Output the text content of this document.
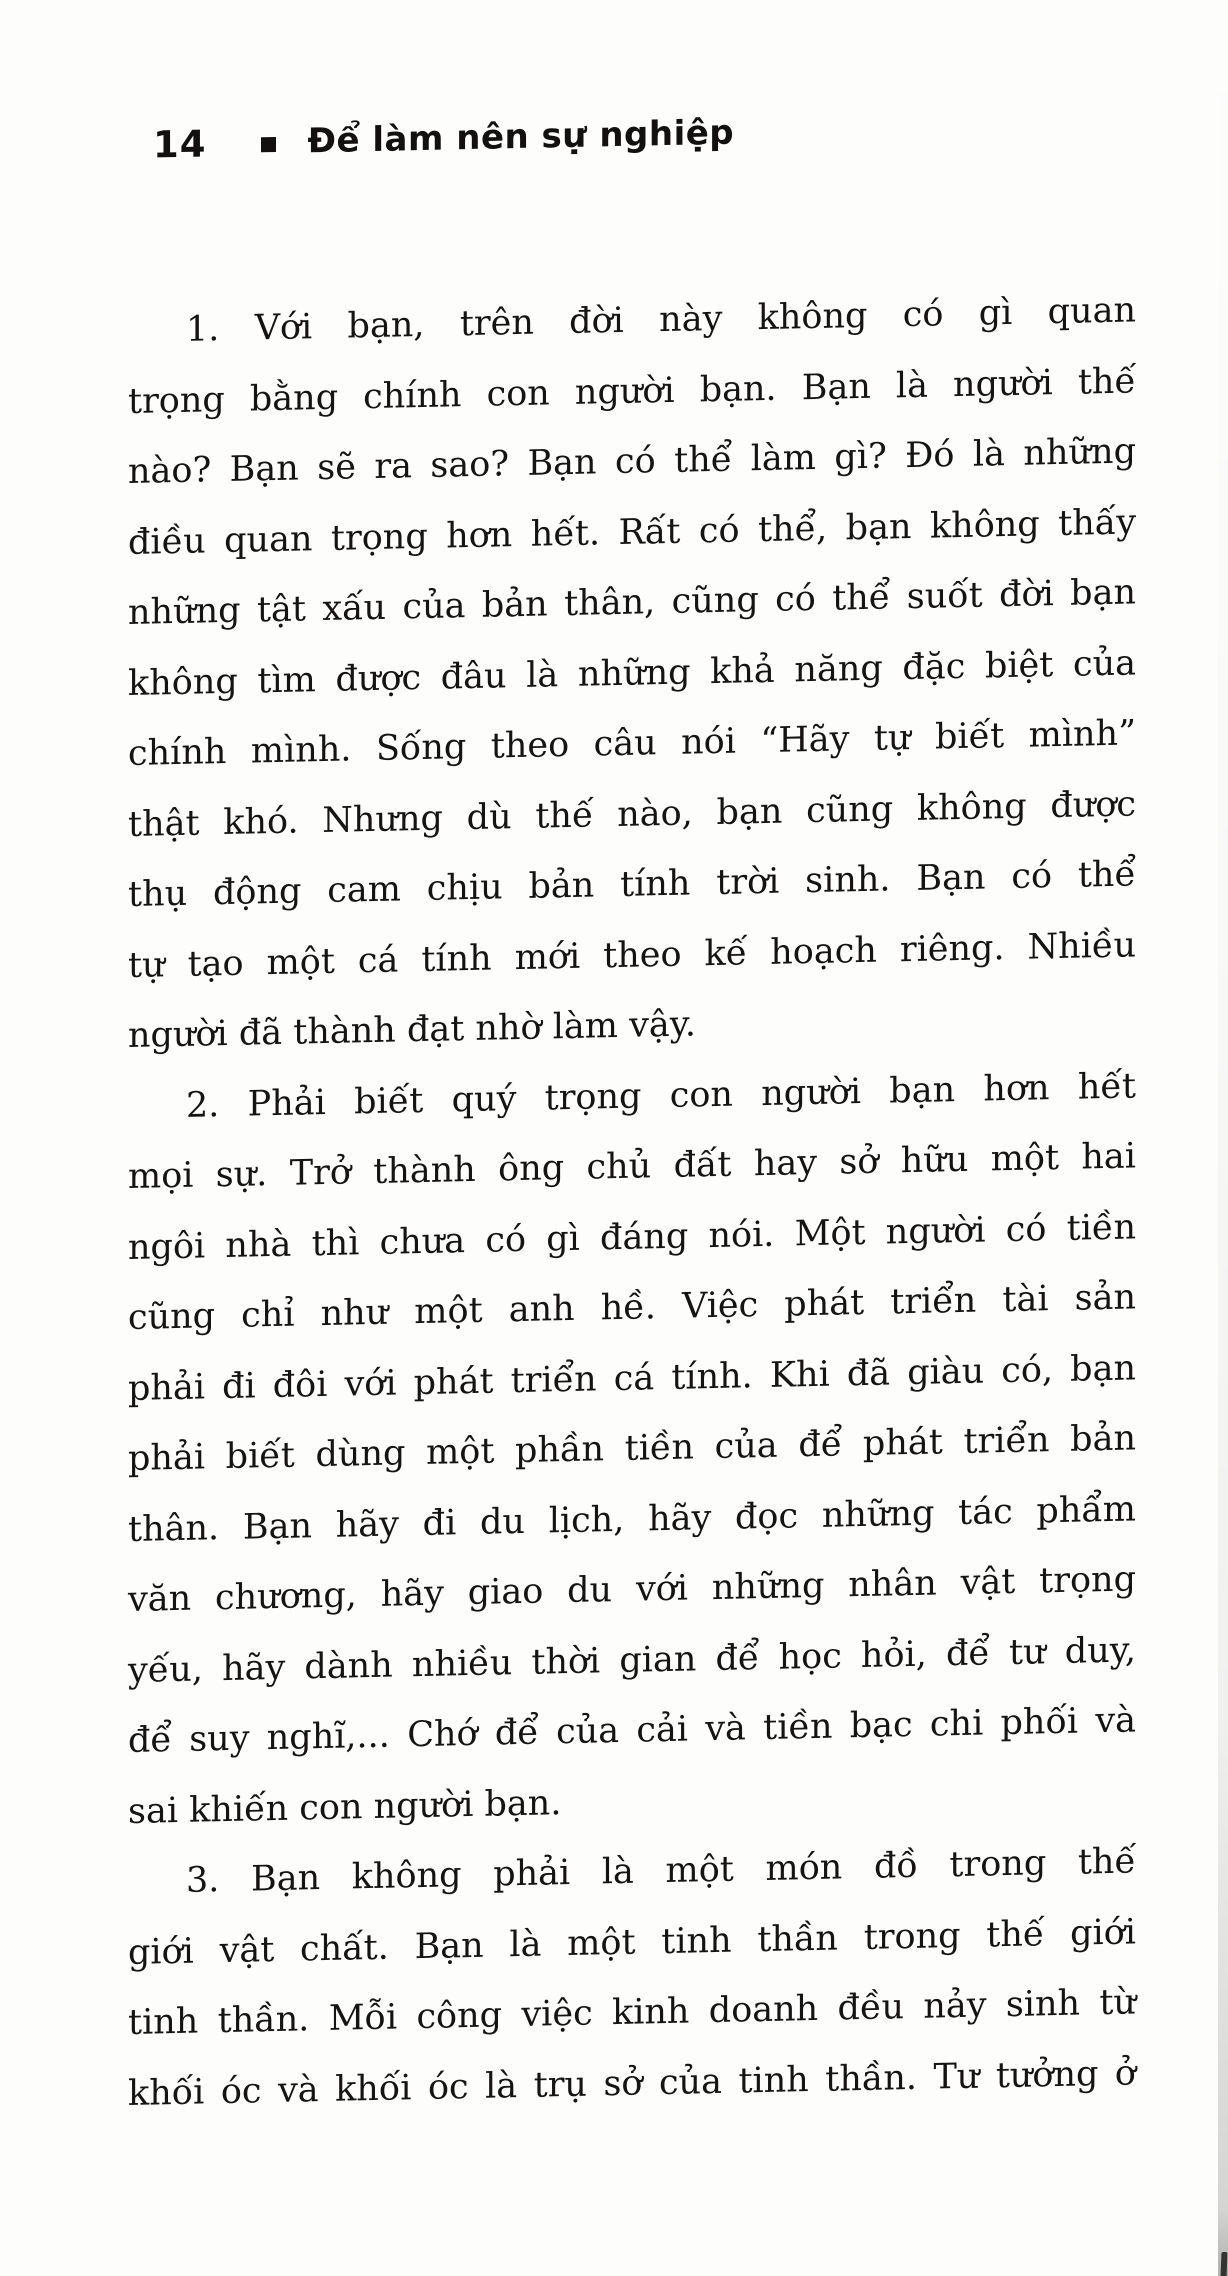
14	Để làm nên sự nghiệp
1. Với bạn, trên đời này không có gì quan
trọng bằng chính con người bạn. Bạn là người thế
nào? Bạn sẽ ra sao? Bạn có thể làm gì? Đó là những
điều quan trọng hơn hết. Rất có thể, bạn không thấy
những tật xấu của bản thân, cũng có thể suốt đời bạn
không tìm được đâu là những khả năng đặc biệt của
chính mình. Sống theo câu nói “Hãy tự biết mình”
thật khó. Nhưng dù thế nào, bạn cũng không được
thụ động cam chịu bản tính trời sinh. Bạn có thể
tự tạo một cá tính mới theo kế hoạch riêng. Nhiều
người đã thành đạt nhờ làm vậy.
2. Phải biết quý trọng con người bạn hơn hết
mọi sự. Trở thành ông chủ đất hay sở hữu một hai
ngôi nhà thì chưa có gì đáng nói. Một người có tiền
cũng chỉ như một anh hề. Việc phát triển tài sản
phải đi đôi với phát triển cá tính. Khi đã giàu có, bạn
phải biết dùng một phần tiền của để phát triển bản
thân. Bạn hãy đi du lịch, hãy đọc những tác phẩm
văn chương, hãy giao du với những nhân vật trọng
yếu, hãy dành nhiều thời gian để học hỏi, để tư duy,
để suy nghĩ,... Chớ để của cải và tiền bạc chi phối và
sai khiến con người bạn.
3. Bạn không phải là một món đồ trong thế
giới vật chất. Bạn là một tinh thần trong thế giới
tinh thần. Mỗi công việc kinh doanh đều nảy sinh từ
khối óc và khối óc là trụ sở của tinh thần. Tư tưởng ở
